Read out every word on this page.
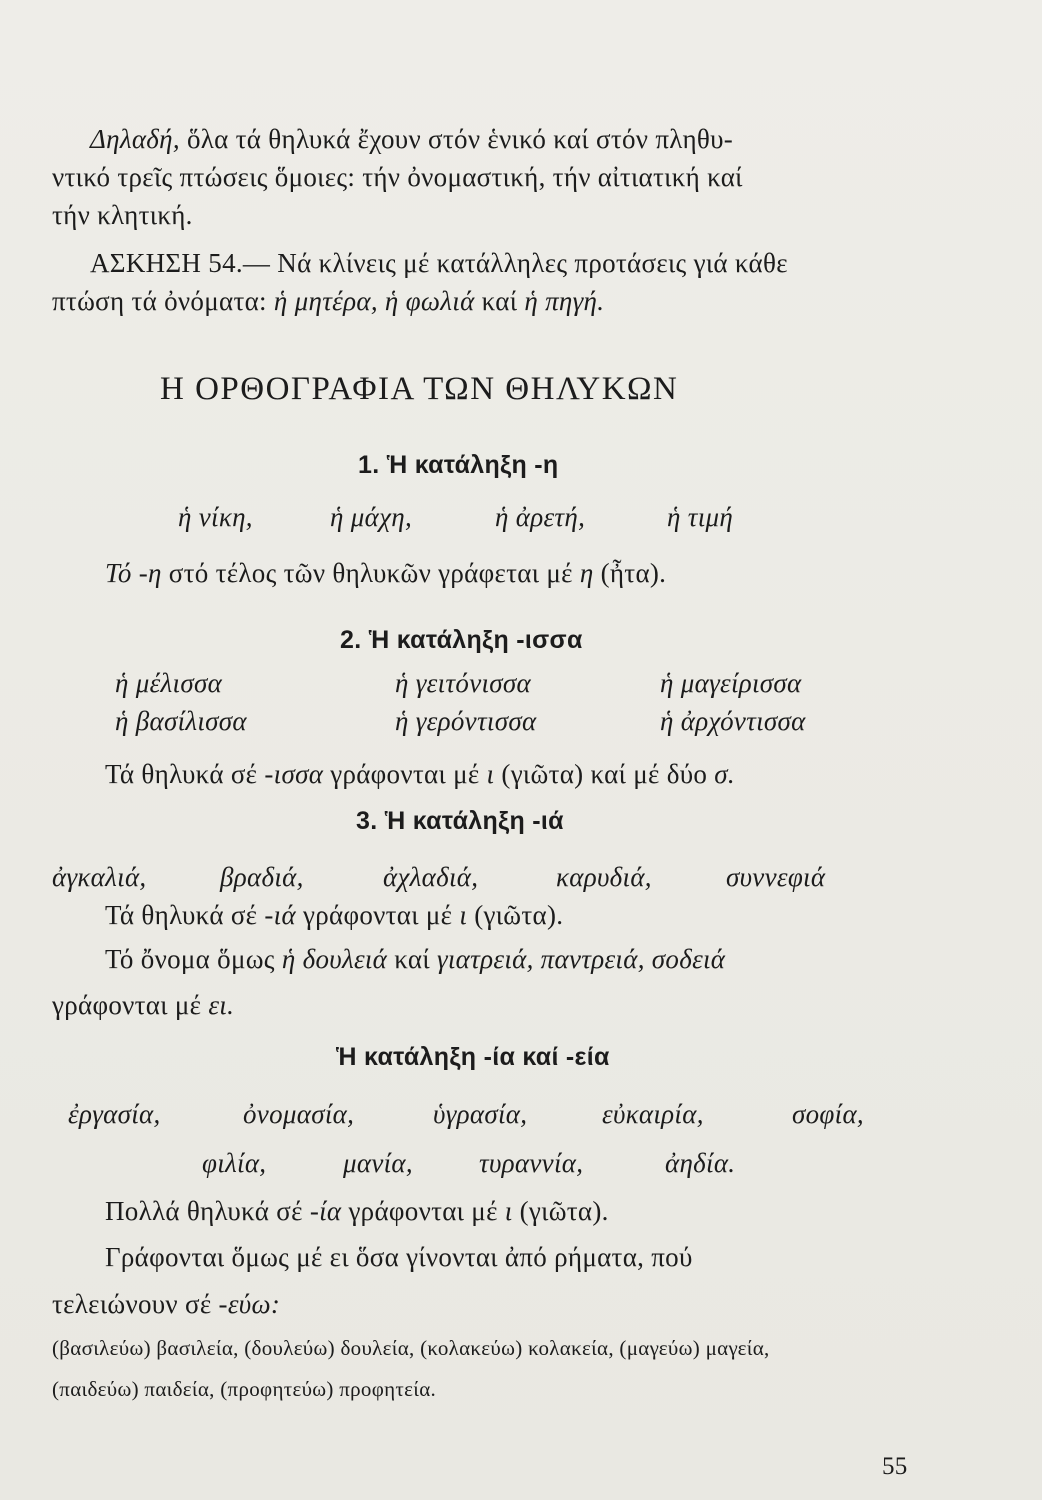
Δηλαδή, ὅλα τά θηλυκά ἔχουν στόν ἑνικό καί στόν πληθυ-
ντικό τρεῖς πτώσεις ὅμοιες: τήν ὀνομαστική, τήν αἰτιατική καί
τήν κλητική.
ΑΣΚΗΣΗ 54.— Νά κλίνεις μέ κατάλληλες προτάσεις γιά κάθε
πτώση τά ὀνόματα: ἡ μητέρα, ἡ φωλιά καί ἡ πηγή.
Η ΟΡΘΟΓΡΑΦΙΑ ΤΩΝ ΘΗΛΥΚΩΝ
1. Ἡ κατάληξη -η
ἡ νίκη,	ἡ μάχη,	ἡ ἀρετή,	ἡ τιμή
Τό -η στό τέλος τῶν θηλυκῶν γράφεται μέ η (ἦτα).
2. Ἡ κατάληξη -ισσα
ἡ μέλισσα	ἡ γειτόνισσα	ἡ μαγείρισσα
ἡ βασίλισσα	ἡ γερόντισσα	ἡ ἀρχόντισσα
Τά θηλυκά σέ -ισσα γράφονται μέ ι (γιῶτα) καί μέ δύο σ.
3. Ἡ κατάληξη -ιά
ἀγκαλιά,	βραδιά,	ἀχλαδιά,	καρυδιά,	συννεφιά
Τά θηλυκά σέ -ιά γράφονται μέ ι (γιῶτα).
Τό ὄνομα ὅμως ἡ δουλειά καί γιατρειά, παντρειά, σοδειά
γράφονται μέ ει.
Ἡ κατάληξη -ία καί -εία
ἐργασία,	ὀνομασία,	ὑγρασία,	εὐκαιρία,	σοφία,
φιλία,	μανία, τυραννία,	ἀηδία.
Πολλά θηλυκά σέ -ία γράφονται μέ ι (γιῶτα).
Γράφονται ὅμως μέ ει ὅσα γίνονται ἀπό ρήματα, πού
τελειώνουν σέ -εύω:
(βασιλεύω) βασιλεία, (δουλεύω) δουλεία, (κολακεύω) κολακεία, (μαγεύω) μαγεία,
(παιδεύω) παιδεία, (προφητεύω) προφητεία.
55
